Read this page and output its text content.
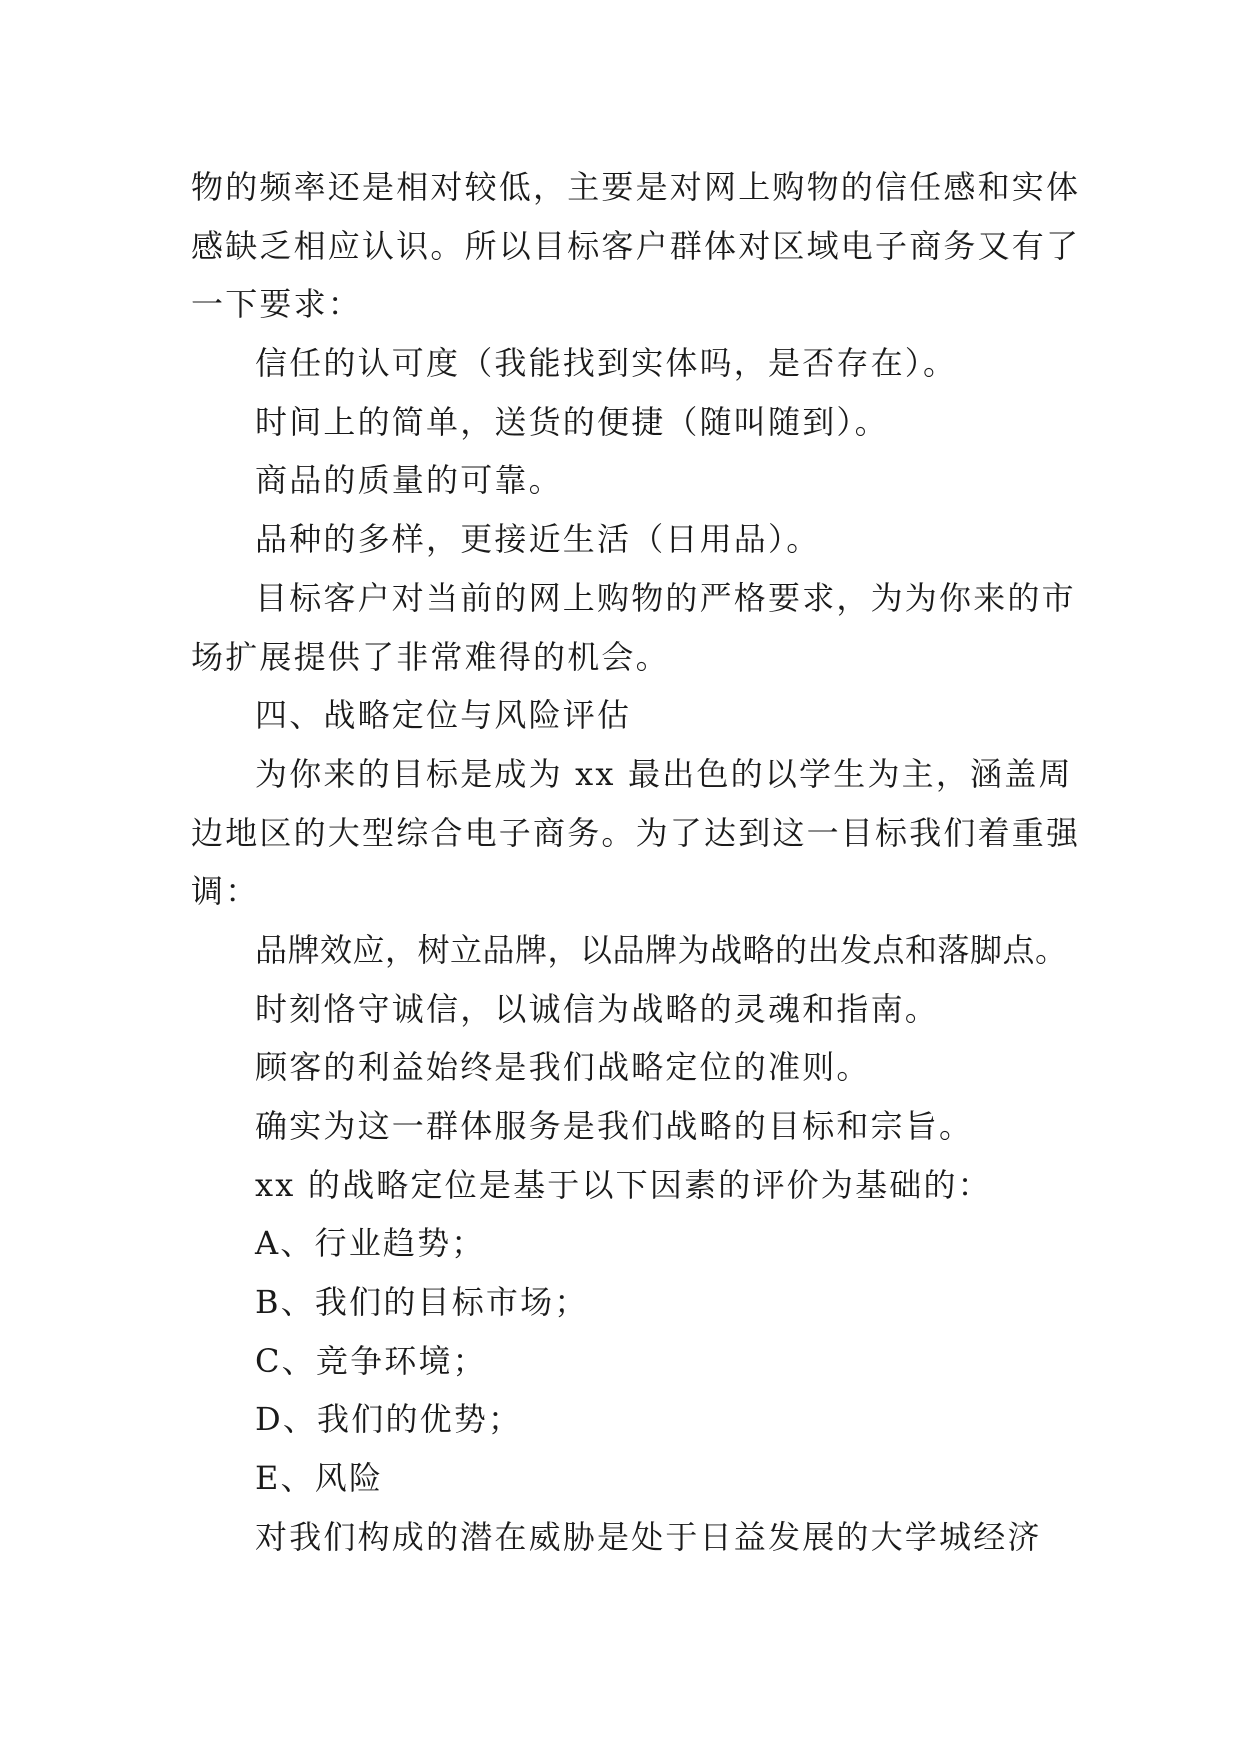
物的频率还是相对较低，主要是对网上购物的信任感和实体
感缺乏相应认识。所以目标客户群体对区域电子商务又有了
一下要求：
信任的认可度（我能找到实体吗，是否存在）。
时间上的简单，送货的便捷（随叫随到）。
商品的质量的可靠。
品种的多样，更接近生活（日用品）。
目标客户对当前的网上购物的严格要求，为为你来的市
场扩展提供了非常难得的机会。
四、战略定位与风险评估
为你来的目标是成为 xx 最出色的以学生为主，涵盖周
边地区的大型综合电子商务。为了达到这一目标我们着重强
调：
品牌效应，树立品牌，以品牌为战略的出发点和落脚点。
时刻恪守诚信，以诚信为战略的灵魂和指南。
顾客的利益始终是我们战略定位的准则。
确实为这一群体服务是我们战略的目标和宗旨。
xx 的战略定位是基于以下因素的评价为基础的：
A、行业趋势；
B、我们的目标市场；
C、竞争环境；
D、我们的优势；
E、风险
对我们构成的潜在威胁是处于日益发展的大学城经济
